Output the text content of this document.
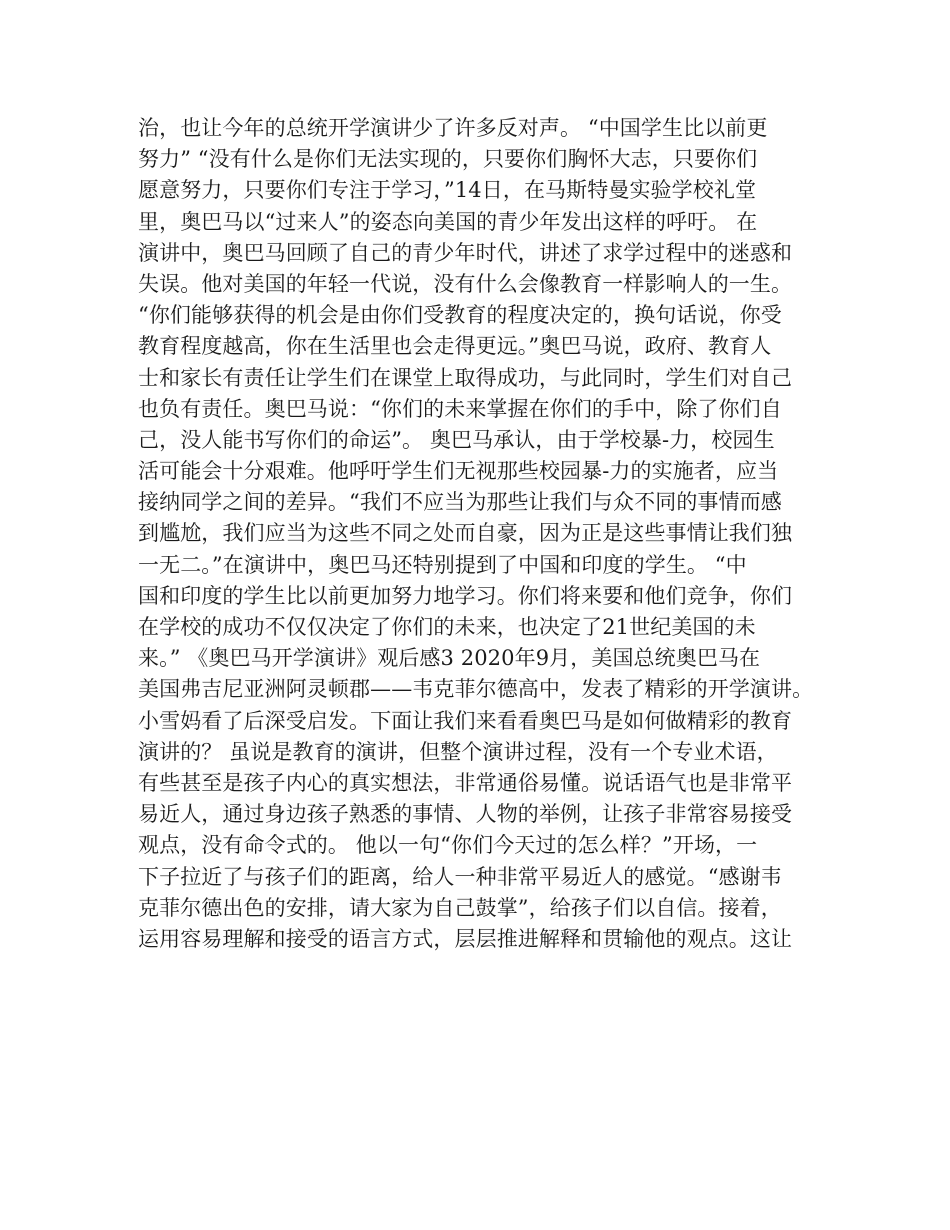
治，也让今年的总统开学演讲少了许多反对声。 “中国学生比以前更
努力” “没有什么是你们无法实现的，只要你们胸怀大志，只要你们
愿意努力，只要你们专注于学习，”14日，在马斯特曼实验学校礼堂
里，奥巴马以“过来人”的姿态向美国的青少年发出这样的呼吁。 在
演讲中，奥巴马回顾了自己的青少年时代，讲述了求学过程中的迷惑和
失误。他对美国的年轻一代说，没有什么会像教育一样影响人的一生。
“你们能够获得的机会是由你们受教育的程度决定的，换句话说，你受
教育程度越高，你在生活里也会走得更远。”奥巴马说，政府、教育人
士和家长有责任让学生们在课堂上取得成功，与此同时，学生们对自己
也负有责任。奥巴马说：“你们的未来掌握在你们的手中，除了你们自
己，没人能书写你们的命运”。 奥巴马承认，由于学校暴-力，校园生
活可能会十分艰难。他呼吁学生们无视那些校园暴-力的实施者，应当
接纳同学之间的差异。“我们不应当为那些让我们与众不同的事情而感
到尴尬，我们应当为这些不同之处而自豪，因为正是这些事情让我们独
一无二。”在演讲中，奥巴马还特别提到了中国和印度的学生。 “中
国和印度的学生比以前更加努力地学习。你们将来要和他们竞争，你们
在学校的成功不仅仅决定了你们的未来，也决定了21世纪美国的未
来。” 《奥巴马开学演讲》观后感3 2020年9月，美国总统奥巴马在
美国弗吉尼亚洲阿灵顿郡——韦克菲尔德高中，发表了精彩的开学演讲。
小雪妈看了后深受启发。下面让我们来看看奥巴马是如何做精彩的教育
演讲的？ 虽说是教育的演讲，但整个演讲过程，没有一个专业术语，
有些甚至是孩子内心的真实想法，非常通俗易懂。说话语气也是非常平
易近人，通过身边孩子熟悉的事情、人物的举例，让孩子非常容易接受
观点，没有命令式的。 他以一句“你们今天过的怎么样？”开场，一
下子拉近了与孩子们的距离，给人一种非常平易近人的感觉。“感谢韦
克菲尔德出色的安排，请大家为自己鼓掌”，给孩子们以自信。接着，
运用容易理解和接受的语言方式，层层推进解释和贯输他的观点。这让
